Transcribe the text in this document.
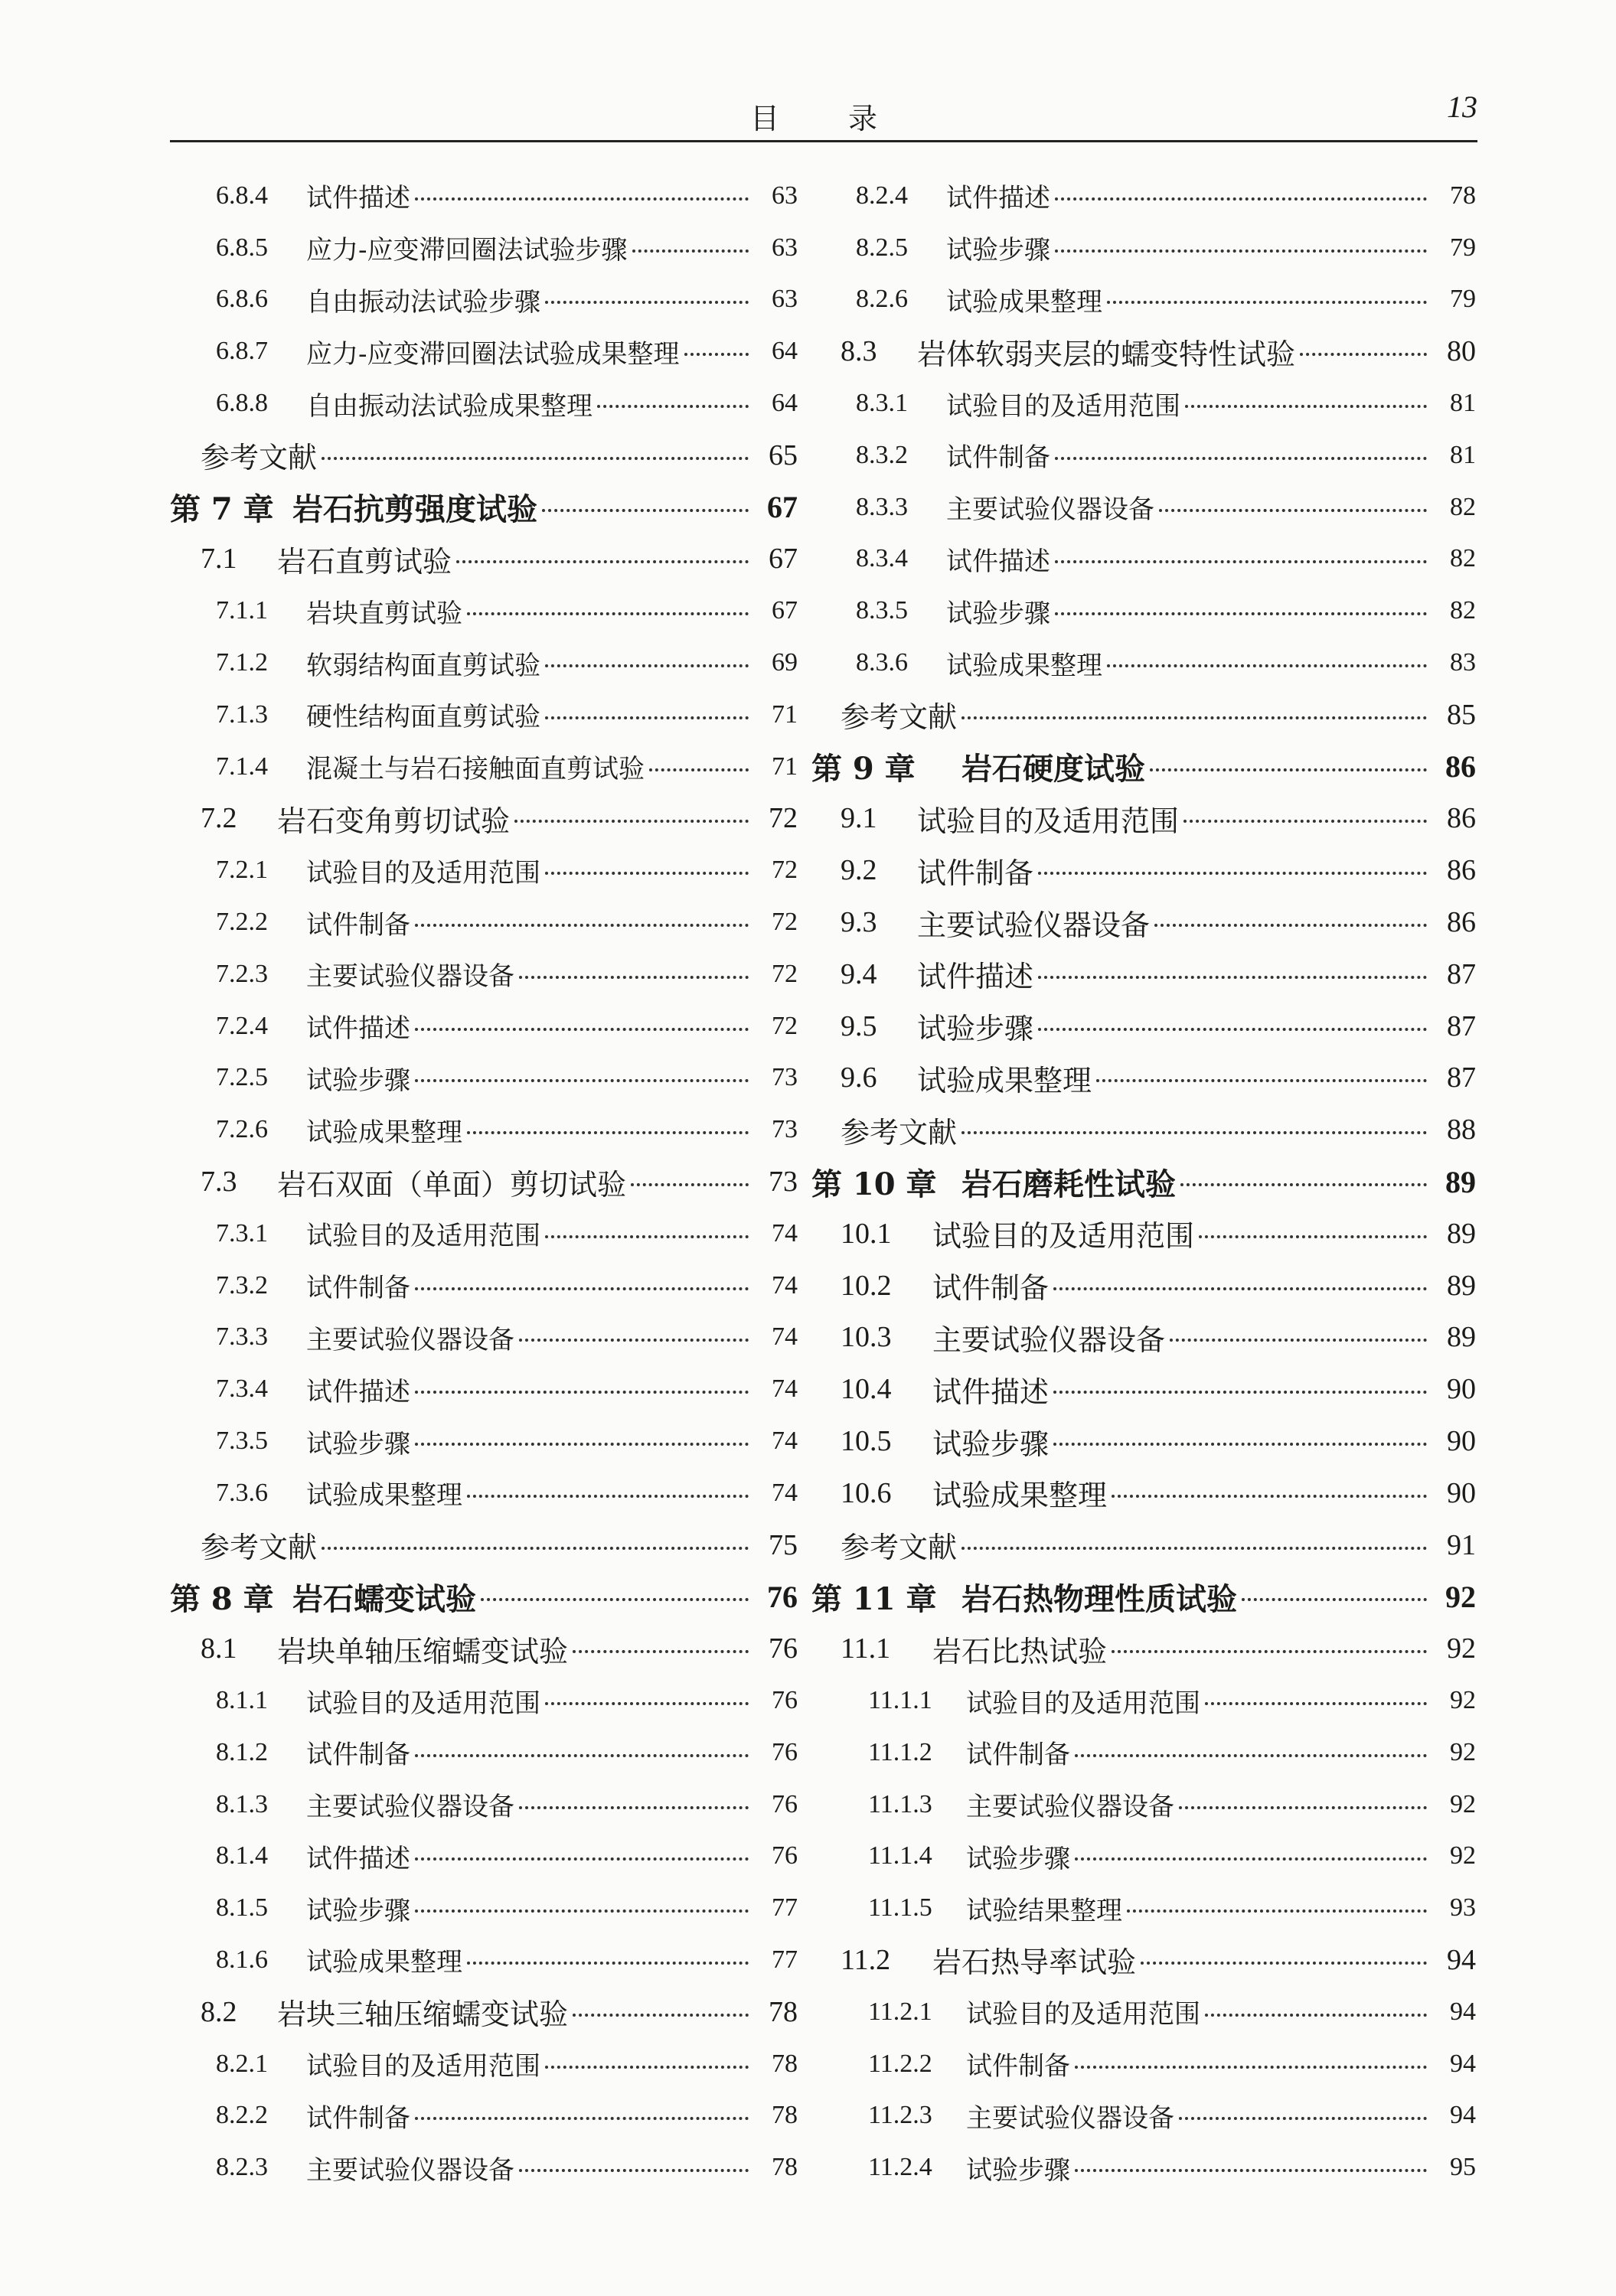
目　录	13
6.8.4	试件描述	63
6.8.5	应力-应变滞回圈法试验步骤	63
6.8.6	自由振动法试验步骤	63
6.8.7	应力-应变滞回圈法试验成果整理	64
6.8.8	自由振动法试验成果整理	64
参考文献	65
第 7 章 岩石抗剪强度试验	67
7.1	岩石直剪试验	67
7.1.1	岩块直剪试验	67
7.1.2	软弱结构面直剪试验	69
7.1.3	硬性结构面直剪试验	71
7.1.4	混凝土与岩石接触面直剪试验	71
7.2	岩石变角剪切试验	72
7.2.1	试验目的及适用范围	72
7.2.2	试件制备	72
7.2.3	主要试验仪器设备	72
7.2.4	试件描述	72
7.2.5	试验步骤	73
7.2.6	试验成果整理	73
7.3	岩石双面（单面）剪切试验	73
7.3.1	试验目的及适用范围	74
7.3.2	试件制备	74
7.3.3	主要试验仪器设备	74
7.3.4	试件描述	74
7.3.5	试验步骤	74
7.3.6	试验成果整理	74
参考文献	75
第 8 章 岩石蠕变试验	76
8.1	岩块单轴压缩蠕变试验	76
8.1.1	试验目的及适用范围	76
8.1.2	试件制备	76
8.1.3	主要试验仪器设备	76
8.1.4	试件描述	76
8.1.5	试验步骤	77
8.1.6	试验成果整理	77
8.2	岩块三轴压缩蠕变试验	78
8.2.1	试验目的及适用范围	78
8.2.2	试件制备	78
8.2.3	主要试验仪器设备	78
8.2.4	试件描述	78
8.2.5	试验步骤	79
8.2.6	试验成果整理	79
8.3	岩体软弱夹层的蠕变特性试验	80
8.3.1	试验目的及适用范围	81
8.3.2	试件制备	81
8.3.3	主要试验仪器设备	82
8.3.4	试件描述	82
8.3.5	试验步骤	82
8.3.6	试验成果整理	83
参考文献	85
第 9 章	岩石硬度试验	86
9.1	试验目的及适用范围	86
9.2	试件制备	86
9.3	主要试验仪器设备	86
9.4	试件描述	87
9.5	试验步骤	87
9.6	试验成果整理	87
参考文献	88
第 10 章 岩石磨耗性试验	89
10.1	试验目的及适用范围	89
10.2	试件制备	89
10.3	主要试验仪器设备	89
10.4	试件描述	90
10.5	试验步骤	90
10.6	试验成果整理	90
参考文献	91
第 11 章 岩石热物理性质试验	92
11.1	岩石比热试验	92
11.1.1	试验目的及适用范围	92
11.1.2	试件制备	92
11.1.3	主要试验仪器设备	92
11.1.4	试验步骤	92
11.1.5	试验结果整理	93
11.2	岩石热导率试验	94
11.2.1	试验目的及适用范围	94
11.2.2	试件制备	94
11.2.3	主要试验仪器设备	94
11.2.4	试验步骤	95
